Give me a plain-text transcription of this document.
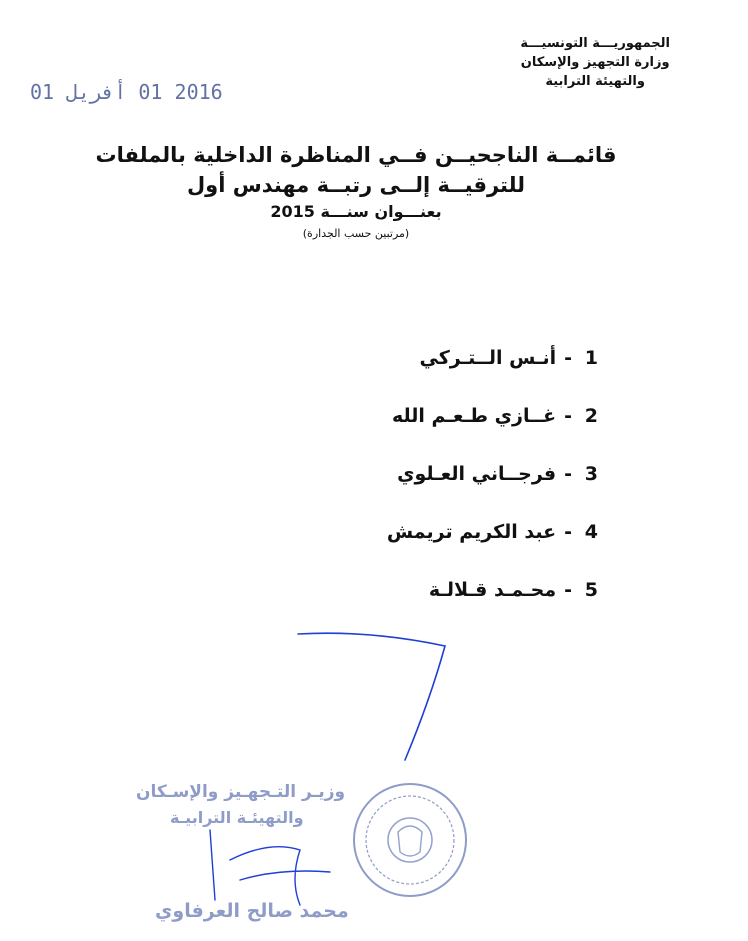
الجمهوريـــة التونسيـــة
وزارة التجهيز والإسكان
والتهيئة الترابية
2016 01 أفريل 01
قائمــة الناجحيــن فــي المناظرة الداخلية بالملفات
للترقيــة إلــى رتبــة مهندس أول
بعنـــوان سنـــة 2015
(مرتبين حسب الجدارة)
1-أنـس الــتـركي
2-غــازي طـعـم الله
3-فرجــاني العـلوي
4-عبد الكريم تريمش
5-محـمـد قـلالـة
وزيـر التـجهـيز والإسـكان
والتهيئـة الترابيـة
محمد صالح العرفاوي
